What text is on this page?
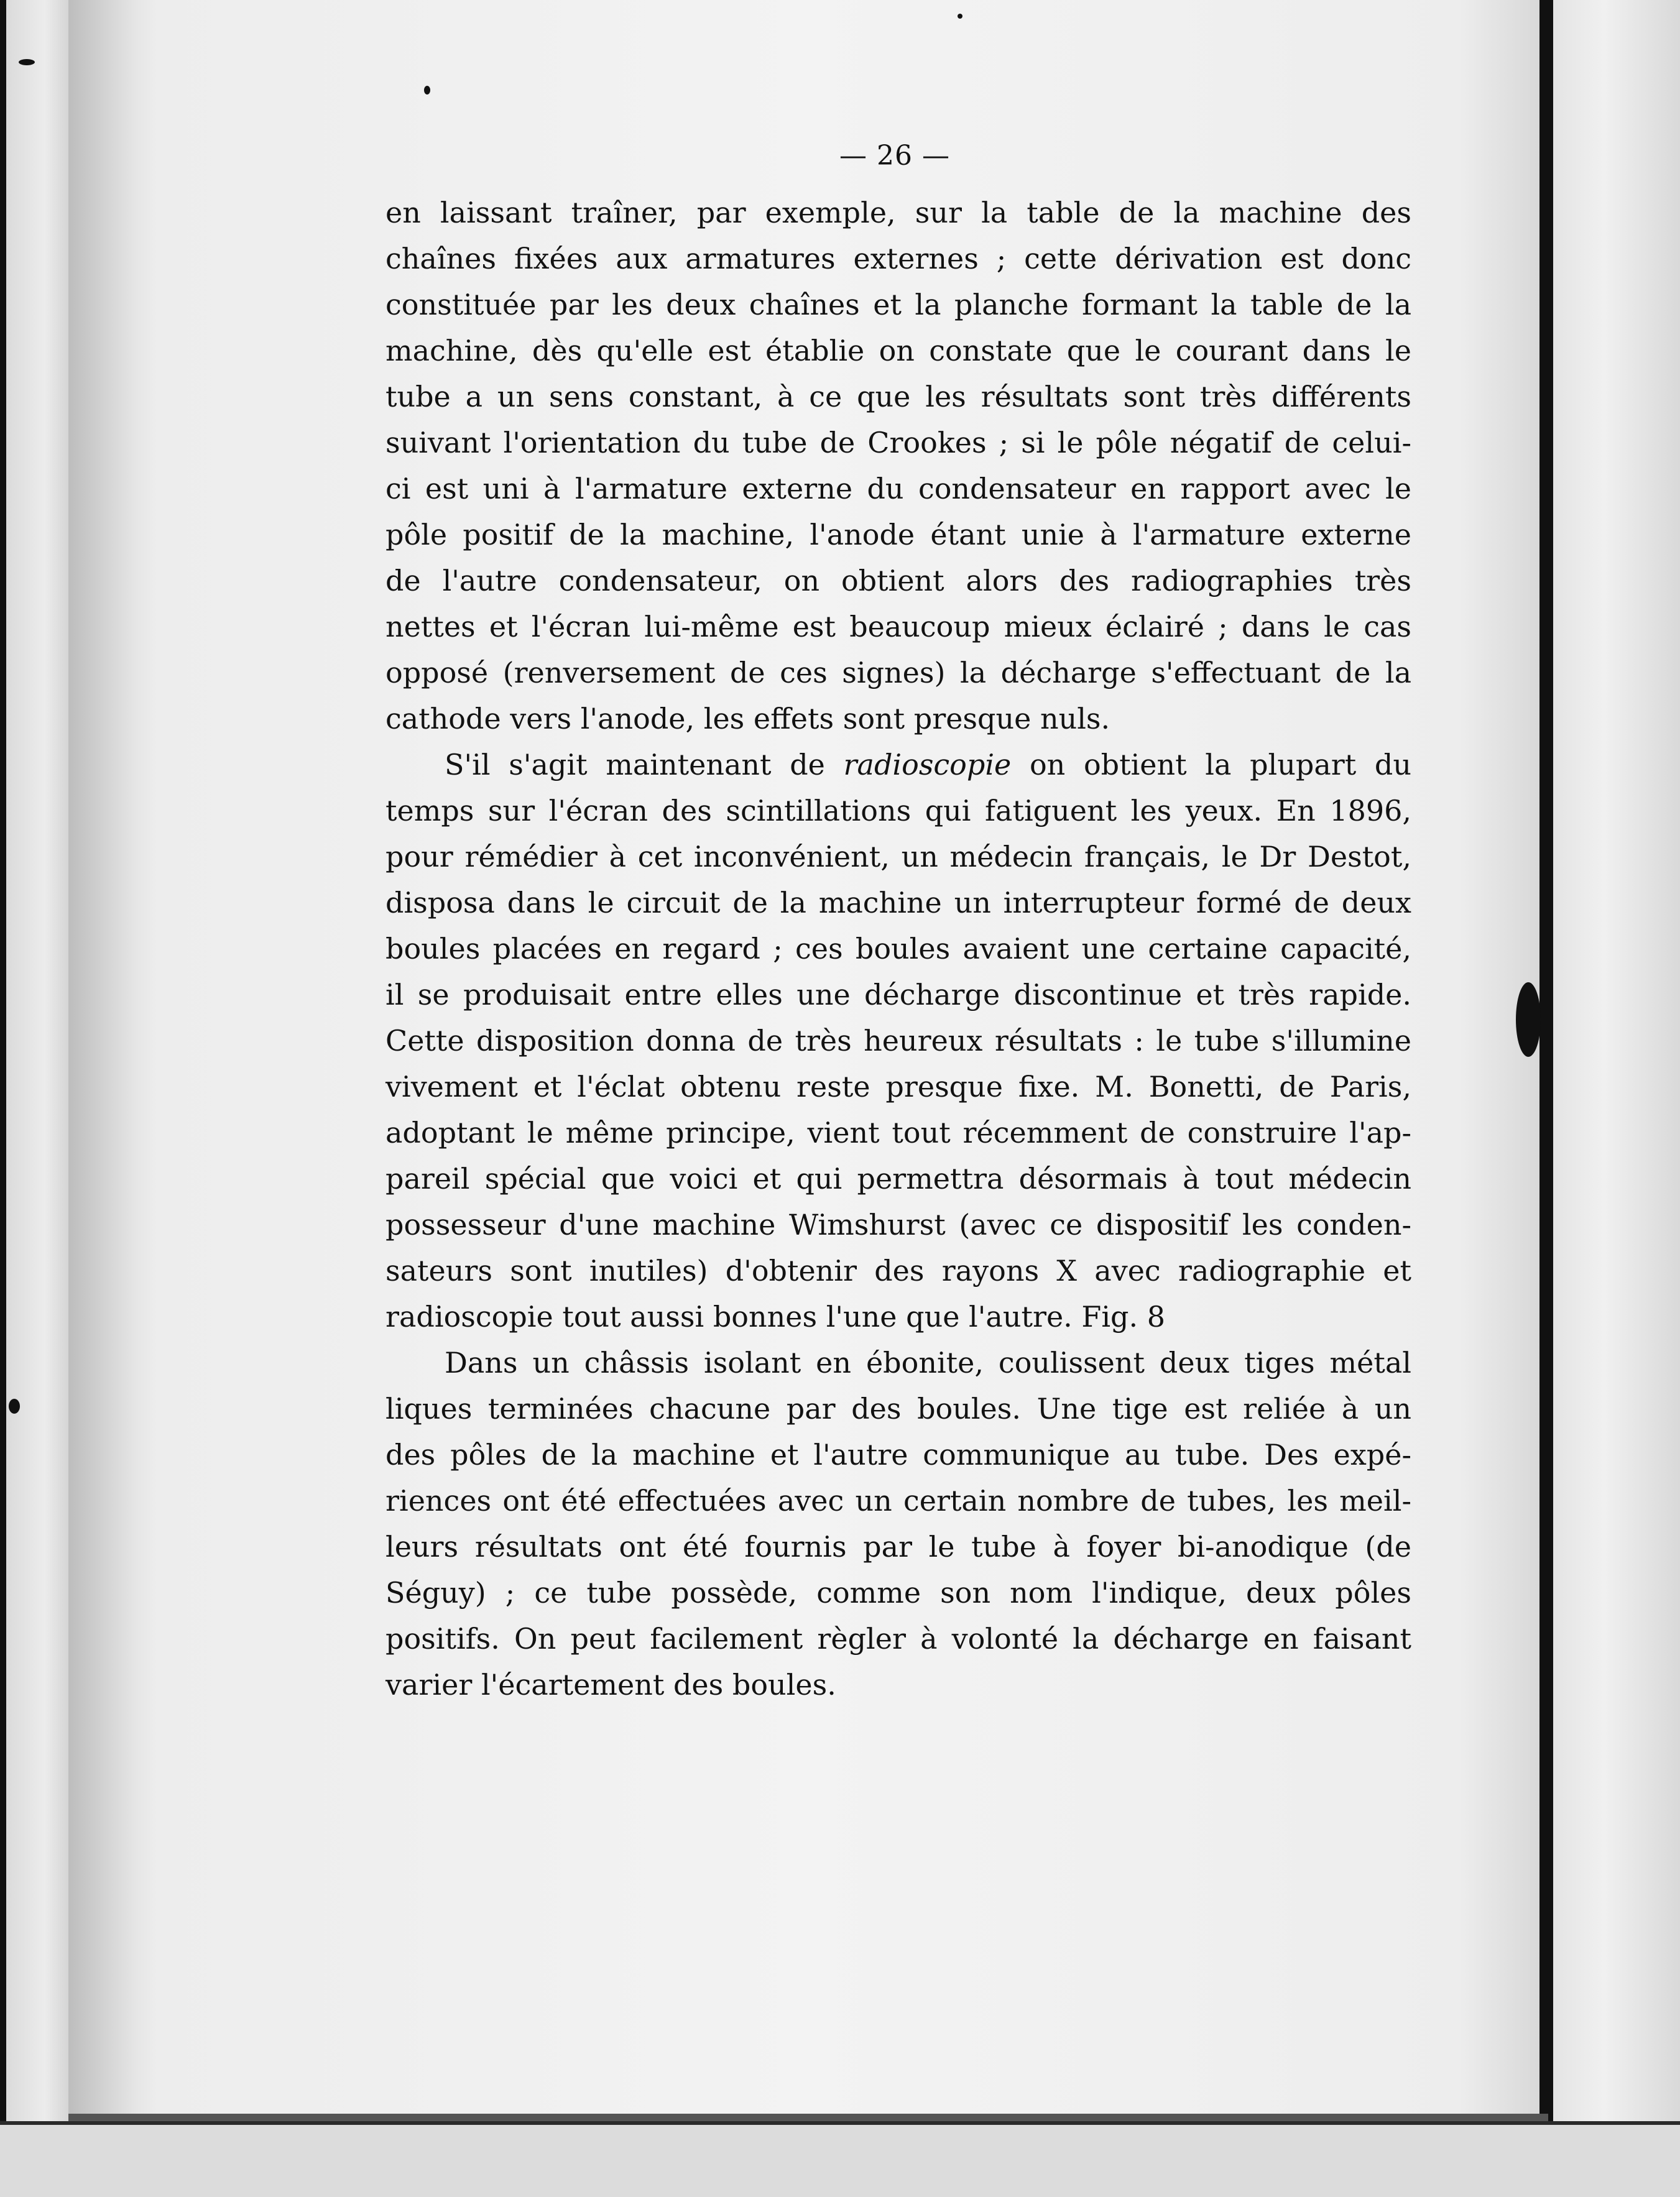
— 26 —
en laissant traîner, par exemple, sur la table de la machine des
chaînes fixées aux armatures externes ; cette dérivation est donc
constituée par les deux chaînes et la planche formant la table de la
machine, dès qu'elle est établie on constate que le courant dans le
tube a un sens constant, à ce que les résultats sont très différents
suivant l'orientation du tube de Crookes ; si le pôle négatif de celui-
ci est uni à l'armature externe du condensateur en rapport avec le
pôle positif de la machine, l'anode étant unie à l'armature externe
de l'autre condensateur, on obtient alors des radiographies très
nettes et l'écran lui-même est beaucoup mieux éclairé ; dans le cas
opposé (renversement de ces signes) la décharge s'effectuant de la
cathode vers l'anode, les effets sont presque nuls.
S'il s'agit maintenant de radioscopie on obtient la plupart du
temps sur l'écran des scintillations qui fatiguent les yeux. En 1896,
pour rémédier à cet inconvénient, un médecin français, le Dr Destot,
disposa dans le circuit de la machine un interrupteur formé de deux
boules placées en regard ; ces boules avaient une certaine capacité,
il se produisait entre elles une décharge discontinue et très rapide.
Cette disposition donna de très heureux résultats : le tube s'illumine
vivement et l'éclat obtenu reste presque fixe. M. Bonetti, de Paris,
adoptant le même principe, vient tout récemment de construire l'ap-
pareil spécial que voici et qui permettra désormais à tout médecin
possesseur d'une machine Wimshurst (avec ce dispositif les conden-
sateurs sont inutiles) d'obtenir des rayons X avec radiographie et
radioscopie tout aussi bonnes l'une que l'autre. Fig. 8
Dans un châssis isolant en ébonite, coulissent deux tiges métal
liques terminées chacune par des boules. Une tige est reliée à un
des pôles de la machine et l'autre communique au tube. Des expé-
riences ont été effectuées avec un certain nombre de tubes, les meil-
leurs résultats ont été fournis par le tube à foyer bi-anodique (de
Séguy) ; ce tube possède, comme son nom l'indique, deux pôles
positifs. On peut facilement règler à volonté la décharge en faisant
varier l'écartement des boules.
